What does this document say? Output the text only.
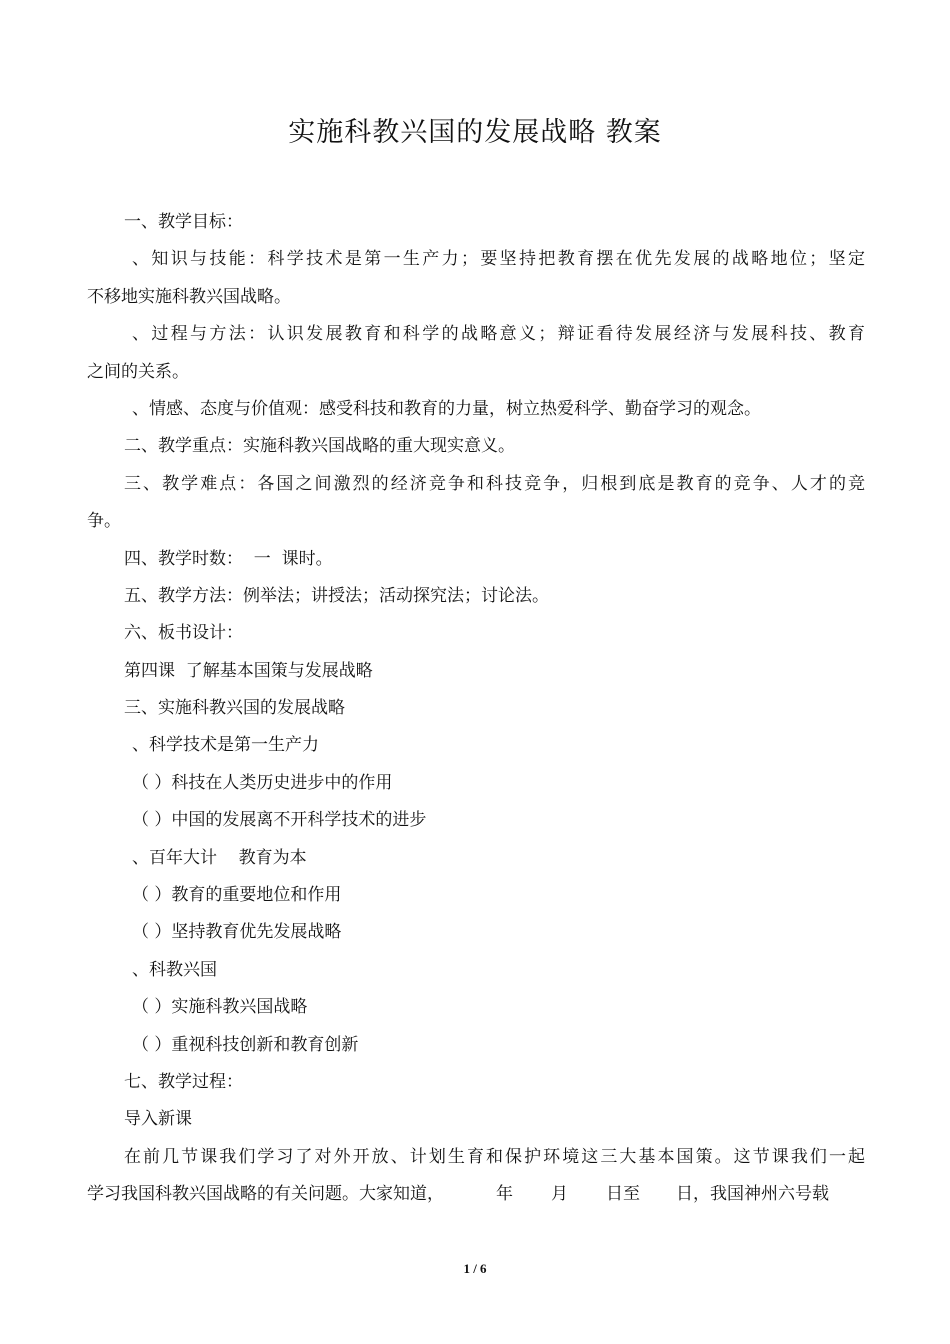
实施科教兴国的发展战略 教案
一、教学目标：
、知识与技能：科学技术是第一生产力；要坚持把教育摆在优先发展的战略地位；坚定
不移地实施科教兴国战略。
、过程与方法：认识发展教育和科学的战略意义；辩证看待发展经济与发展科技、教育
之间的关系。
、情感、态度与价值观：感受科技和教育的力量，树立热爱科学、勤奋学习的观念。
二、教学重点：实施科教兴国战略的重大现实意义。
三、教学难点：各国之间激烈的经济竞争和科技竞争，归根到底是教育的竞争、人才的竞
争。
四、教学时数：  一  课时。
五、教学方法：例举法；讲授法；活动探究法；讨论法。
六、板书设计：
第四课  了解基本国策与发展战略
三、实施科教兴国的发展战略
、科学技术是第一生产力
（ ）科技在人类历史进步中的作用
（ ）中国的发展离不开科学技术的进步
、百年大计    教育为本
（ ）教育的重要地位和作用
（ ）坚持教育优先发展战略
、科教兴国
（ ）实施科教兴国战略
（ ）重视科技创新和教育创新
七、教学过程：
导入新课
在前几节课我们学习了对外开放、计划生育和保护环境这三大基本国策。这节课我们一起
学习我国科教兴国战略的有关问题。大家知道，	年 月 日至 日，我国神州六号载
1 / 6
